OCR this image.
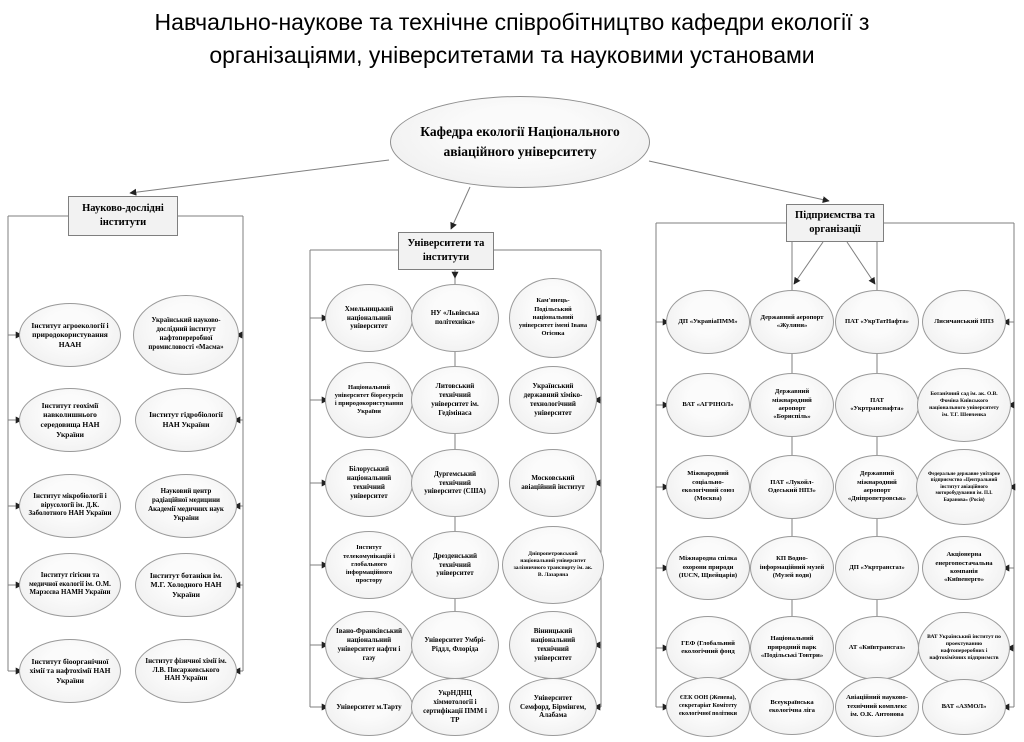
Навчально-наукове та технічне співробітництво кафедри екології з організаціями, університетами та науковими установами
Кафедра екології Національного авіаційного університету
Науково-дослідні інститути
Університети та інститути
Підприємства та організації
Інститут агроекології і природокористування НААН
Інститут геохімії навколишнього середовища НАН України
Інститут мікробіології і вірусології ім. Д.К. Заболотного НАН України
Інститут гігієни та медичної екології ім. О.М. Марзєєва НАМН України
Інститут біоорганічної хімії та нафтохімії НАН України
Український науково-дослідний інститут нафтопереробної промисловості «Масма»
Інститут гідробіології НАН України
Науковий центр радіаційної медицини Академії медичних наук України
Інститут ботаніки ім. М.Г. Холодного НАН України
Інститут фізичної хімії ім. Л.В. Писаржевського НАН України
Хмельницький національний університет
Національний університет біоресурсів і природокористування України
Білоруський національний технічний університет
Інститут телекомунікацій і глобального інформаційного простору
Івано-Франківський національний університет нафти і газу
Університет м.Тарту
НУ «Львівська політехніка»
Литовський технічний університет ім. Гедімінаса
Дургемський технічний університет (США)
Дрезденський технічний університет
Університет Умбрі-Ріддл, Флоріда
УкрНДНЦ хіммотології і сертифікації ПММ і ТР
Кам'янець-Подільський національний університет імені Івана Огієнка
Український державний хіміко-технологічний університет
Московський авіаційний інститут
Дніпропетровський національний університет залізничного транспорту ім. ак. В. Лазаряна
Вінницький національний технічний університет
Університет Семфорд, Бірмінгем, Алабама
ДП «УкравіаПММ»
ВАТ «АГРІНОЛ»
Міжнародний соціально-екологічний союз (Москва)
Міжнародна спілка охорони природи (IUCN, Щвейцарія)
ГЕФ (Глобальний екологічний фонд
ЄЕК ООН (Женева), секретаріат Комітету екологічної політики
Державний аеропорт «Жуляни»
Державний міжнародний аеропорт «Бориспіль»
ПАТ «Лукойл-Одеський НПЗ»
КП Водно-інформаційний музей (Музей води)
Національний природний парк «Подільські Товтри»
Всеукраїнська екологічна ліга
ПАТ «УкрТатНафта»
ПАТ «Укртранснафта»
Державний міжнародний аеропорт «Дніпропетровськ»
ДП «Укртрансгаз»
АТ «Київтрансгаз»
Авіаційний науково-технічний комплекс ім. О.К. Антонова
Лисичанський НПЗ
Ботанічний сад ім. ак. О.В. Фоміна Київського національного університету ім. Т.Г. Шевченка
Федеральне державне унітарне підприємство «Центральний інститут авіаційного моторобудування ім. П.І. Баранова» (Росія)
Акціонерна енергопостачальна компанія «Київенерго»
ВАТ Український інститут по проектуванню нафтопереробних і нафтохімічних підприємств
ВАТ «АЗМОЛ»
